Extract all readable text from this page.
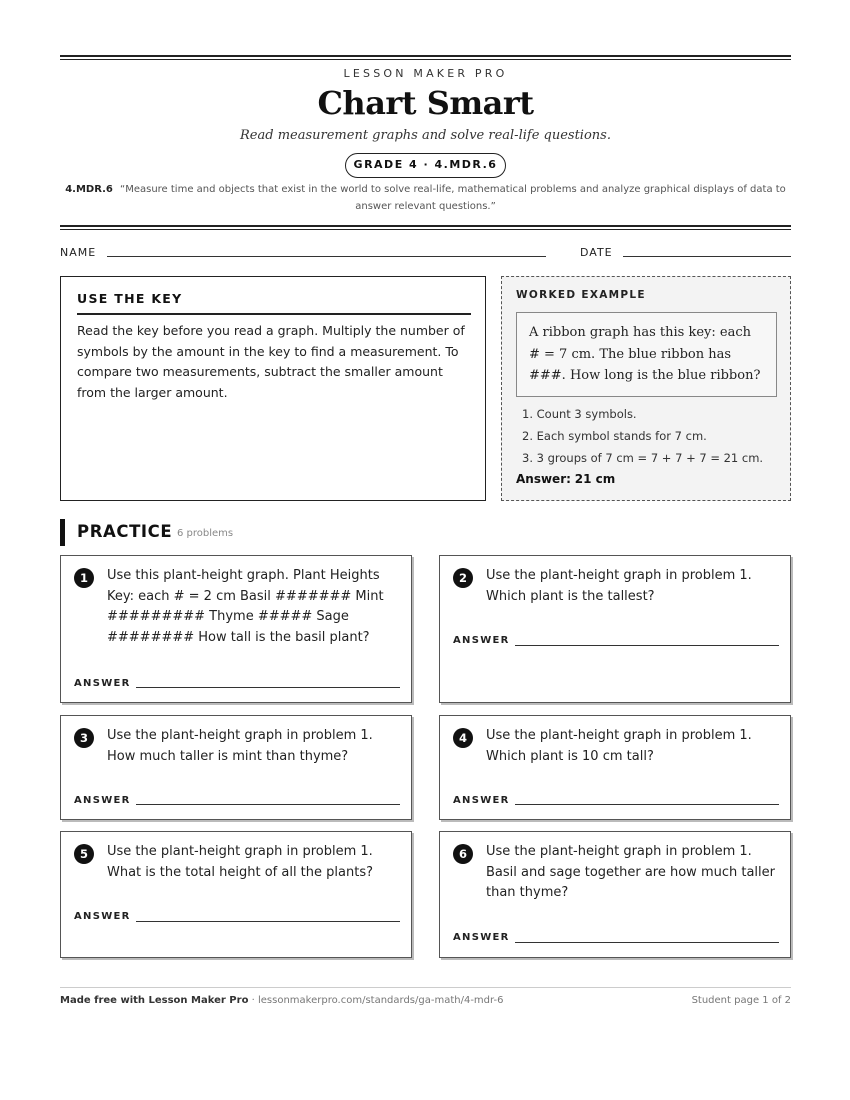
LESSON MAKER PRO
Chart Smart
Read measurement graphs and solve real-life questions.
GRADE 4 · 4.MDR.6
4.MDR.6 “Measure time and objects that exist in the world to solve real-life, mathematical problems and analyze graphical displays of data to answer relevant questions.”
NAME	DATE
USE THE KEY
Read the key before you read a graph. Multiply the number of symbols by the amount in the key to find a measurement. To compare two measurements, subtract the smaller amount from the larger amount.
WORKED EXAMPLE
A ribbon graph has this key: each # = 7 cm. The blue ribbon has ###. How long is the blue ribbon?
1. Count 3 symbols.
2. Each symbol stands for 7 cm.
3. 3 groups of 7 cm = 7 + 7 + 7 = 21 cm.
Answer: 21 cm
PRACTICE 6 problems
1	Use this plant-height graph. Plant Heights Key: each # = 2 cm Basil ####### Mint ######### Thyme ##### Sage ######## How tall is the basil plant?
ANSWER
2	Use the plant-height graph in problem 1. Which plant is the tallest?
ANSWER
3	Use the plant-height graph in problem 1. How much taller is mint than thyme?
ANSWER
4	Use the plant-height graph in problem 1. Which plant is 10 cm tall?
ANSWER
5	Use the plant-height graph in problem 1. What is the total height of all the plants?
ANSWER
6	Use the plant-height graph in problem 1. Basil and sage together are how much taller than thyme?
ANSWER
Made free with Lesson Maker Pro · lessonmakerpro.com/standards/ga-math/4-mdr-6	Student page 1 of 2
